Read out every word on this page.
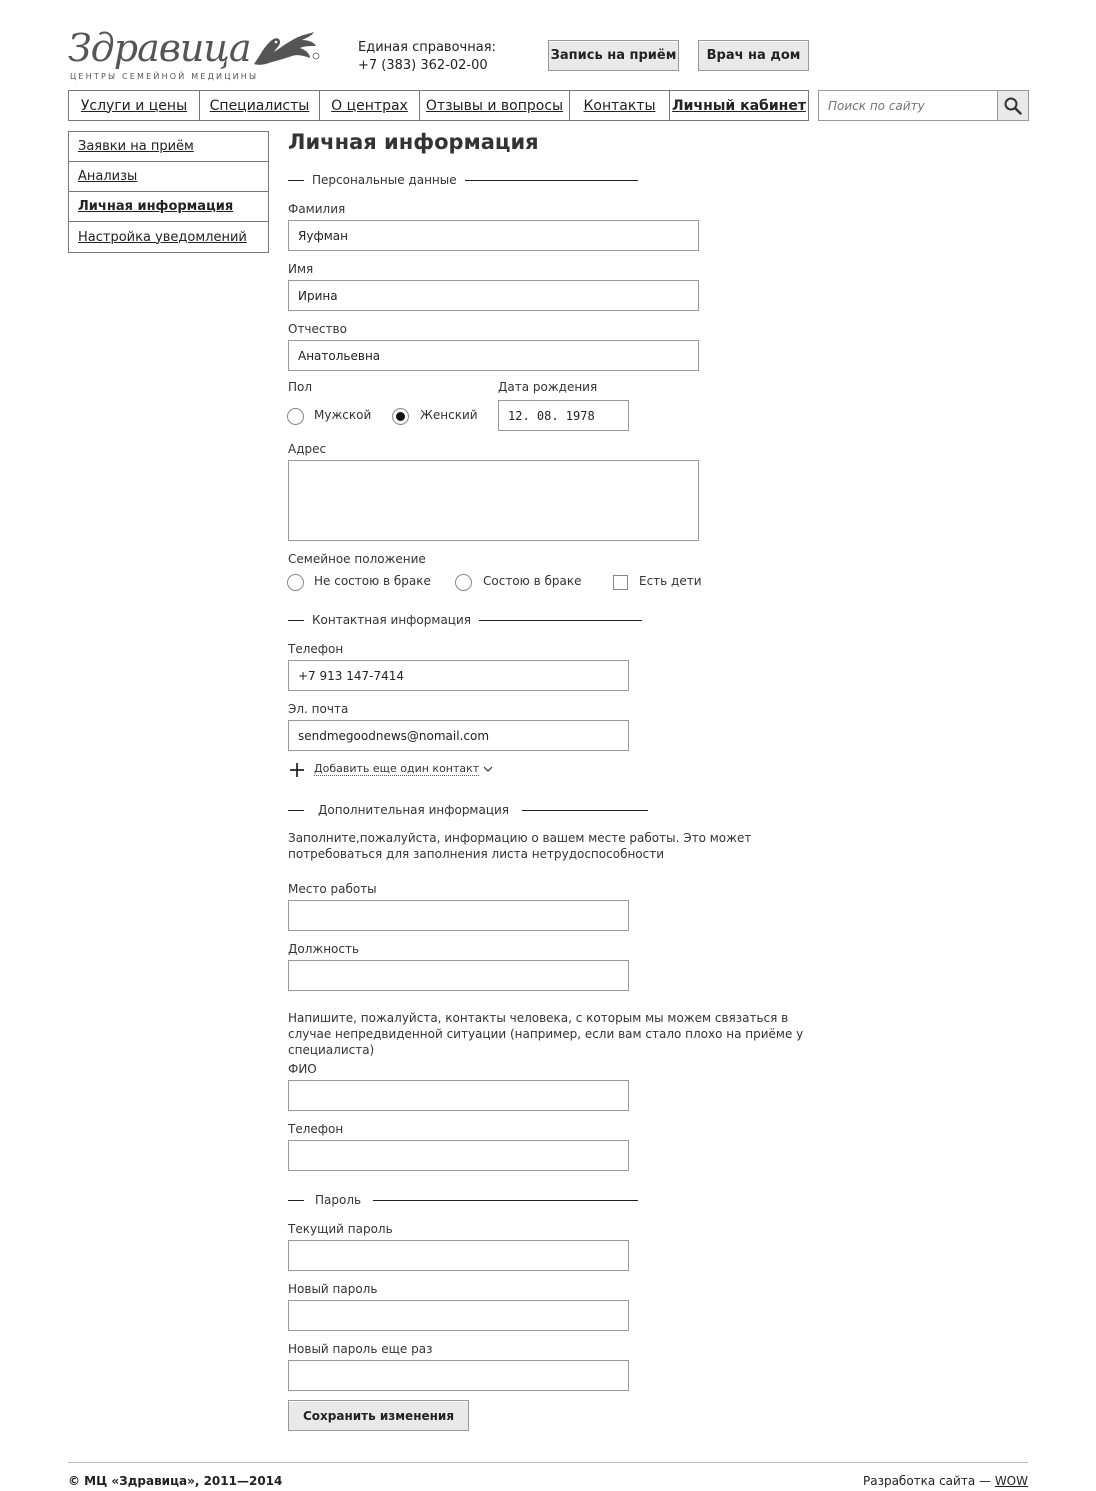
Здравица
ЦЕНТРЫ СЕМЕЙНОЙ МЕДИЦИНЫ
Единая справочная:
+7 (383) 362-02-00
Запись на приём	Врач на дом
Услуги и цены	Специалисты	О центрах	Отзывы и вопросы	Контакты	Личный кабинет
Поиск по сайту
Заявки на приём
Анализы
Личная информация
Настройка уведомлений
Личная информация
Персональные данные
Фамилия
Яуфман
Имя
Ирина
Отчество
Анатольевна
Пол
Мужской	Женский
Дата рождения
12. 08. 1978
Адрес
Семейное положение
Не состою в браке	Состою в браке	Есть дети
Контактная информация
Телефон
+7 913 147-7414
Эл. почта
sendmegoodnews@nomail.com
Добавить еще один контакт
Дополнительная информация
Заполните,пожалуйста, информацию о вашем месте работы. Это может потребоваться для заполнения листа нетрудоспособности
Место работы
Должность
Напишите, пожалуйста, контакты человека, с которым мы можем связаться в случае непредвиденной ситуации (например, если вам стало плохо на приёме у специалиста)
ФИО
Телефон
Пароль
Текущий пароль
Новый пароль
Новый пароль еще раз
Сохранить изменения
© МЦ «Здравица», 2011—2014	Разработка сайта — WOW
